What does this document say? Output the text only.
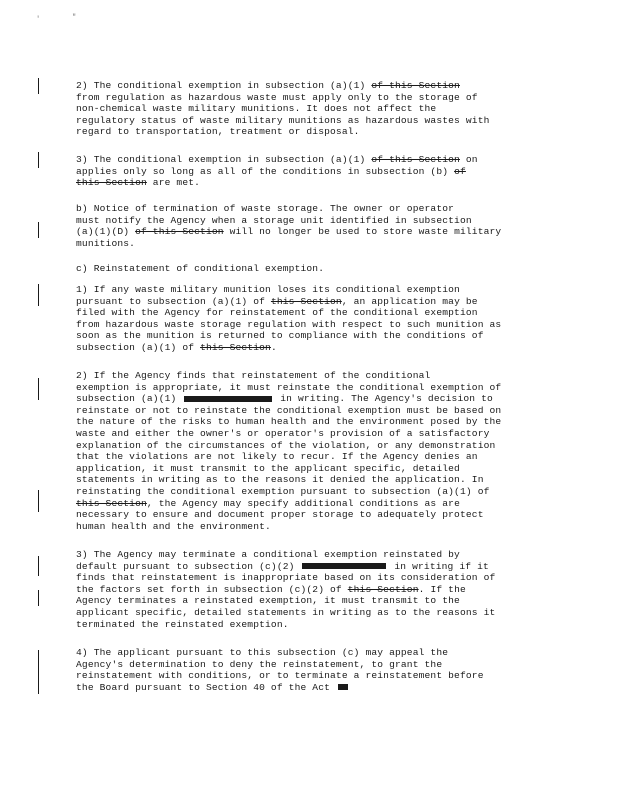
'	"
2) The conditional exemption in subsection (a)(1) of this Section
from regulation as hazardous waste must apply only to the storage of
non-chemical waste military munitions. It does not affect the
regulatory status of waste military munitions as hazardous wastes with
regard to transportation, treatment or disposal.
3) The conditional exemption in subsection (a)(1) of this Section on
applies only so long as all of the conditions in subsection (b) of
this Section are met.
b) Notice of termination of waste storage. The owner or operator
must notify the Agency when a storage unit identified in subsection
(a)(1)(D) of this Section will no longer be used to store waste military
munitions.
c) Reinstatement of conditional exemption.
1) If any waste military munition loses its conditional exemption
pursuant to subsection (a)(1) of this Section, an application may be
filed with the Agency for reinstatement of the conditional exemption
from hazardous waste storage regulation with respect to such munition as
soon as the munition is returned to compliance with the conditions of
subsection (a)(1) of this Section.
2) If the Agency finds that reinstatement of the conditional
exemption is appropriate, it must reinstate the conditional exemption of
subsection (a)(1)	in writing. The Agency's decision to
reinstate or not to reinstate the conditional exemption must be based on
the nature of the risks to human health and the environment posed by the
waste and either the owner's or operator's provision of a satisfactory
explanation of the circumstances of the violation, or any demonstration
that the violations are not likely to recur. If the Agency denies an
application, it must transmit to the applicant specific, detailed
statements in writing as to the reasons it denied the application. In
reinstating the conditional exemption pursuant to subsection (a)(1) of
this Section, the Agency may specify additional conditions as are
necessary to ensure and document proper storage to adequately protect
human health and the environment.
3) The Agency may terminate a conditional exemption reinstated by
default pursuant to subsection (c)(2)	in writing if it
finds that reinstatement is inappropriate based on its consideration of
the factors set forth in subsection (c)(2) of this Section. If the
Agency terminates a reinstated exemption, it must transmit to the
applicant specific, detailed statements in writing as to the reasons it
terminated the reinstated exemption.
4) The applicant pursuant to this subsection (c) may appeal the
Agency's determination to deny the reinstatement, to grant the
reinstatement with conditions, or to terminate a reinstatement before
the Board pursuant to Section 40 of the Act
